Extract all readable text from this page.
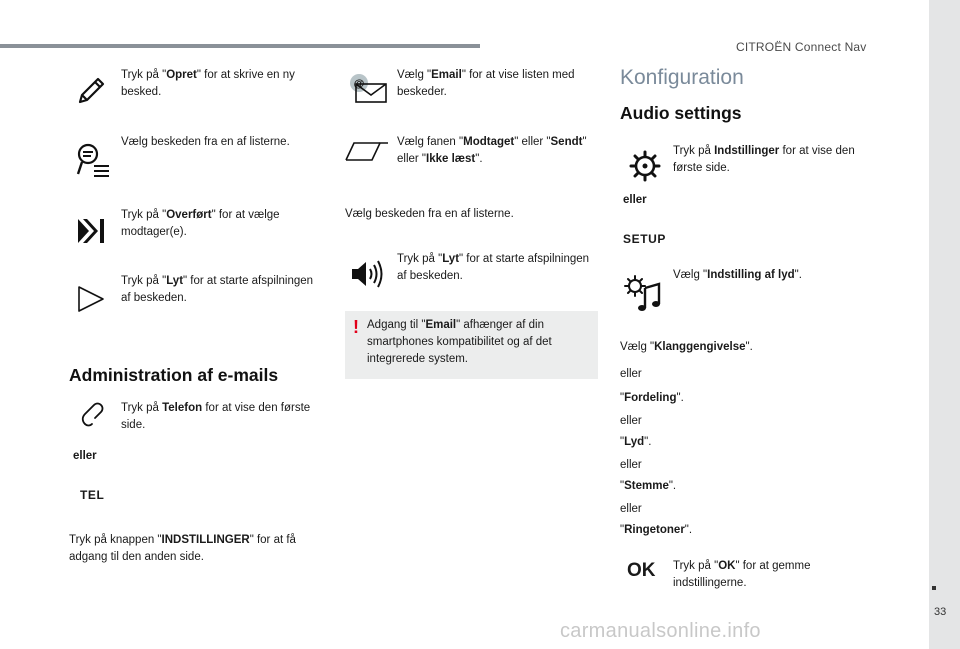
CITROËN Connect Nav
33
carmanualsonline.info
Tryk på "Opret" for at skrive en ny besked.
Vælg beskeden fra en af listerne.
Tryk på "Overført" for at vælge modtager(e).
Tryk på "Lyt" for at starte afspilningen af beskeden.
Administration af e-mails
Tryk på Telefon for at vise den første side.
eller
TEL
Tryk på knappen "INDSTILLINGER" for at få adgang til den anden side.
@
Vælg "Email" for at vise listen med beskeder.
Vælg fanen "Modtaget" eller "Sendt" eller "Ikke læst".
Vælg beskeden fra en af listerne.
Tryk på "Lyt" for at starte afspilningen af beskeden.
! Adgang til "Email" afhænger af din smartphones kompatibilitet og af det integrerede system.
Konfiguration
Audio settings
Tryk på Indstillinger for at vise den første side.
eller
SETUP
Vælg "Indstilling af lyd".
Vælg "Klanggengivelse".
eller
"Fordeling".
eller
"Lyd".
eller
"Stemme".
eller
"Ringetoner".
OK Tryk på "OK" for at gemme indstillingerne.
